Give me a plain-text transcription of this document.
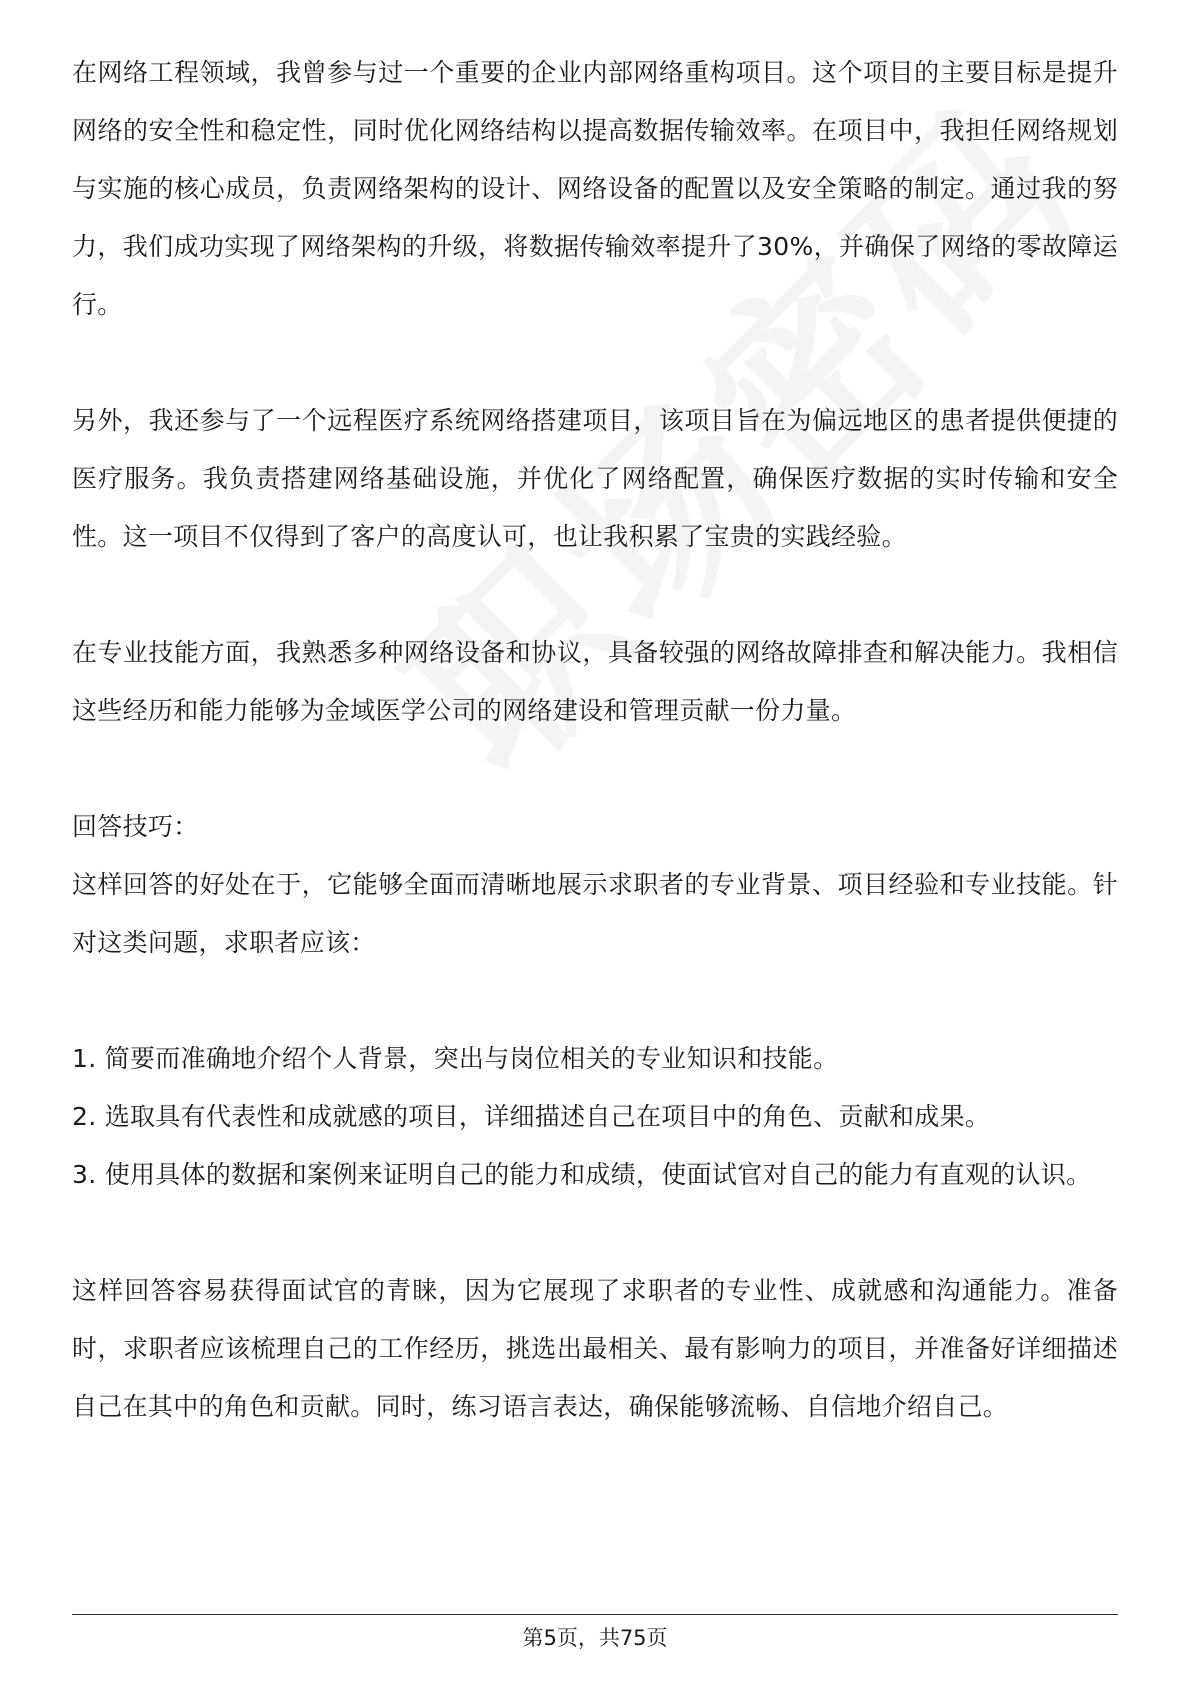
在网络工程领域，我曾参与过一个重要的企业内部网络重构项目。这个项目的主要目标是提升网络的安全性和稳定性，同时优化网络结构以提高数据传输效率。在项目中，我担任网络规划与实施的核心成员，负责网络架构的设计、网络设备的配置以及安全策略的制定。通过我的努力，我们成功实现了网络架构的升级，将数据传输效率提升了30%，并确保了网络的零故障运行。

另外，我还参与了一个远程医疗系统网络搭建项目，该项目旨在为偏远地区的患者提供便捷的医疗服务。我负责搭建网络基础设施，并优化了网络配置，确保医疗数据的实时传输和安全性。这一项目不仅得到了客户的高度认可，也让我积累了宝贵的实践经验。

在专业技能方面，我熟悉多种网络设备和协议，具备较强的网络故障排查和解决能力。我相信这些经历和能力能够为金域医学公司的网络建设和管理贡献一份力量。

回答技巧：

这样回答的好处在于，它能够全面而清晰地展示求职者的专业背景、项目经验和专业技能。针对这类问题，求职者应该：

1. 简要而准确地介绍个人背景，突出与岗位相关的专业知识和技能。

2. 选取具有代表性和成就感的项目，详细描述自己在项目中的角色、贡献和成果。

3. 使用具体的数据和案例来证明自己的能力和成绩，使面试官对自己的能力有直观的认识。

这样回答容易获得面试官的青睐，因为它展现了求职者的专业性、成就感和沟通能力。准备时，求职者应该梳理自己的工作经历，挑选出最相关、最有影响力的项目，并准备好详细描述自己在其中的角色和贡献。同时，练习语言表达，确保能够流畅、自信地介绍自己。

第5页，共75页
